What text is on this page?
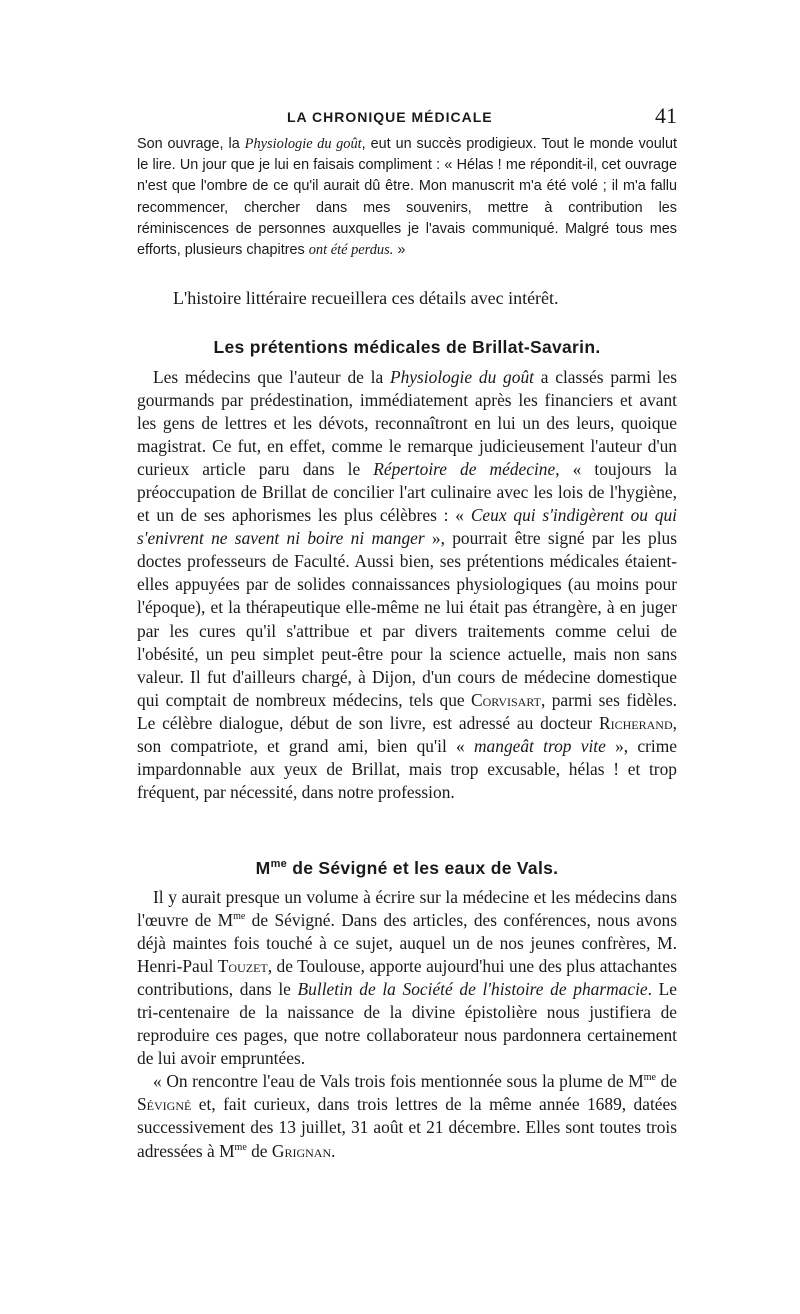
LA CHRONIQUE MÉDICALE	41

Son ouvrage, la Physiologie du goût, eut un succès prodigieux. Tout le monde voulut le lire. Un jour que je lui en faisais compliment : « Hélas ! me répondit-il, cet ouvrage n'est que l'ombre de ce qu'il aurait dû être. Mon manuscrit m'a été volé ; il m'a fallu recommencer, chercher dans mes souvenirs, mettre à contribution les réminiscences de personnes auxquelles je l'avais communiqué. Malgré tous mes efforts, plusieurs chapitres ont été perdus. »

L'histoire littéraire recueillera ces détails avec intérêt.

Les prétentions médicales de Brillat-Savarin.

Les médecins que l'auteur de la Physiologie du goût a classés parmi les gourmands par prédestination, immédiatement après les financiers et avant les gens de lettres et les dévots, reconnaîtront en lui un des leurs, quoique magistrat. Ce fut, en effet, comme le remarque judicieusement l'auteur d'un curieux article paru dans le Répertoire de médecine, « toujours la préoccupation de Brillat de concilier l'art culinaire avec les lois de l'hygiène, et un de ses aphorismes les plus célèbres : « Ceux qui s'indigèrent ou qui s'enivrent ne savent ni boire ni manger », pourrait être signé par les plus doctes professeurs de Faculté. Aussi bien, ses prétentions médicales étaient-elles appuyées par de solides connaissances physiologiques (au moins pour l'époque), et la thérapeutique elle-même ne lui était pas étrangère, à en juger par les cures qu'il s'attribue et par divers traitements comme celui de l'obésité, un peu simplet peut-être pour la science actuelle, mais non sans valeur. Il fut d'ailleurs chargé, à Dijon, d'un cours de médecine domestique qui comptait de nombreux médecins, tels que Corvisart, parmi ses fidèles. Le célèbre dialogue, début de son livre, est adressé au docteur Richerand, son compatriote, et grand ami, bien qu'il « mangeât trop vite », crime impardonnable aux yeux de Brillat, mais trop excusable, hélas ! et trop fréquent, par nécessité, dans notre profession.

$M^{me}$ de Sévigné et les eaux de Vals.

Il y aurait presque un volume à écrire sur la médecine et les médecins dans l'œuvre de $M^{me}$ de Sévigné. Dans des articles, des conférences, nous avons déjà maintes fois touché à ce sujet, auquel un de nos jeunes confrères, M. Henri-Paul Touzet, de Toulouse, apporte aujourd'hui une des plus attachantes contributions, dans le Bulletin de la Société de l'histoire de pharmacie. Le tri-centenaire de la naissance de la divine épistolière nous justifiera de reproduire ces pages, que notre collaborateur nous pardonnera certainement de lui avoir empruntées.

« On rencontre l'eau de Vals trois fois mentionnée sous la plume de $M^{me}$ de Sévigné et, fait curieux, dans trois lettres de la même année 1689, datées successivement des 13 juillet, 31 août et 21 décembre. Elles sont toutes trois adressées à $M^{me}$ de Grignan.
